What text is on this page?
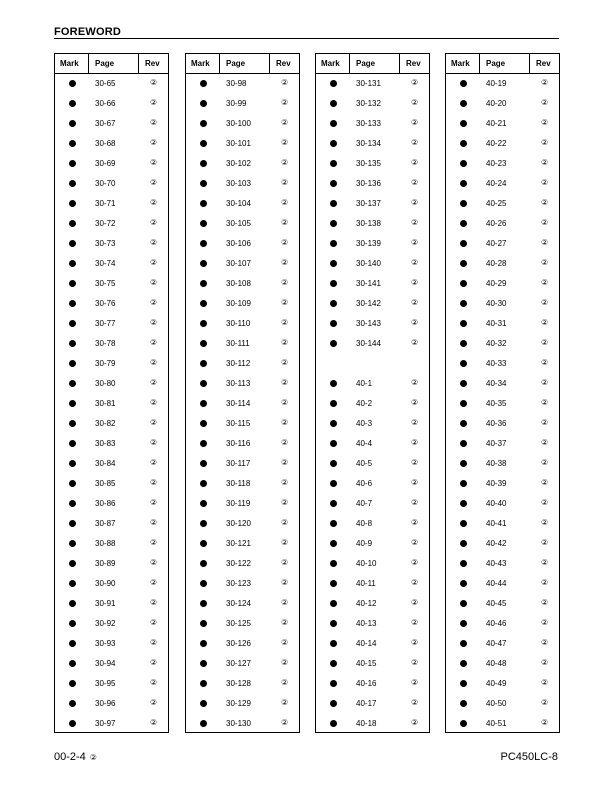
FOREWORD
Mark Page	Rev
30-65	②
30-66	②
30-67	②
30-68	②
30-69	②
30-70	②
30-71	②
30-72	②
30-73	②
30-74	②
30-75	②
30-76	②
30-77	②
30-78	②
30-79	②
30-80	②
30-81	②
30-82	②
30-83	②
30-84	②
30-85	②
30-86	②
30-87	②
30-88	②
30-89	②
30-90	②
30-91	②
30-92	②
30-93	②
30-94	②
30-95	②
30-96	②
30-97	②
Mark Page	Rev
30-98	②
30-99	②
30-100	②
30-101	②
30-102	②
30-103	②
30-104	②
30-105	②
30-106	②
30-107	②
30-108	②
30-109	②
30-110	②
30-111	②
30-112	②
30-113	②
30-114	②
30-115	②
30-116	②
30-117	②
30-118	②
30-119	②
30-120	②
30-121	②
30-122	②
30-123	②
30-124	②
30-125	②
30-126	②
30-127	②
30-128	②
30-129	②
30-130	②
Mark Page	Rev
30-131	②
30-132	②
30-133	②
30-134	②
30-135	②
30-136	②
30-137	②
30-138	②
30-139	②
30-140	②
30-141	②
30-142	②
30-143	②
30-144	②
40-1	②
40-2	②
40-3	②
40-4	②
40-5	②
40-6	②
40-7	②
40-8	②
40-9	②
40-10	②
40-11	②
40-12	②
40-13	②
40-14	②
40-15	②
40-16	②
40-17	②
40-18	②
Mark Page	Rev
40-19	②
40-20	②
40-21	②
40-22	②
40-23	②
40-24	②
40-25	②
40-26	②
40-27	②
40-28	②
40-29	②
40-30	②
40-31	②
40-32	②
40-33	②
40-34	②
40-35	②
40-36	②
40-37	②
40-38	②
40-39	②
40-40	②
40-41	②
40-42	②
40-43	②
40-44	②
40-45	②
40-46	②
40-47	②
40-48	②
40-49	②
40-50	②
40-51	②
00-2-4 ②	PC450LC-8
